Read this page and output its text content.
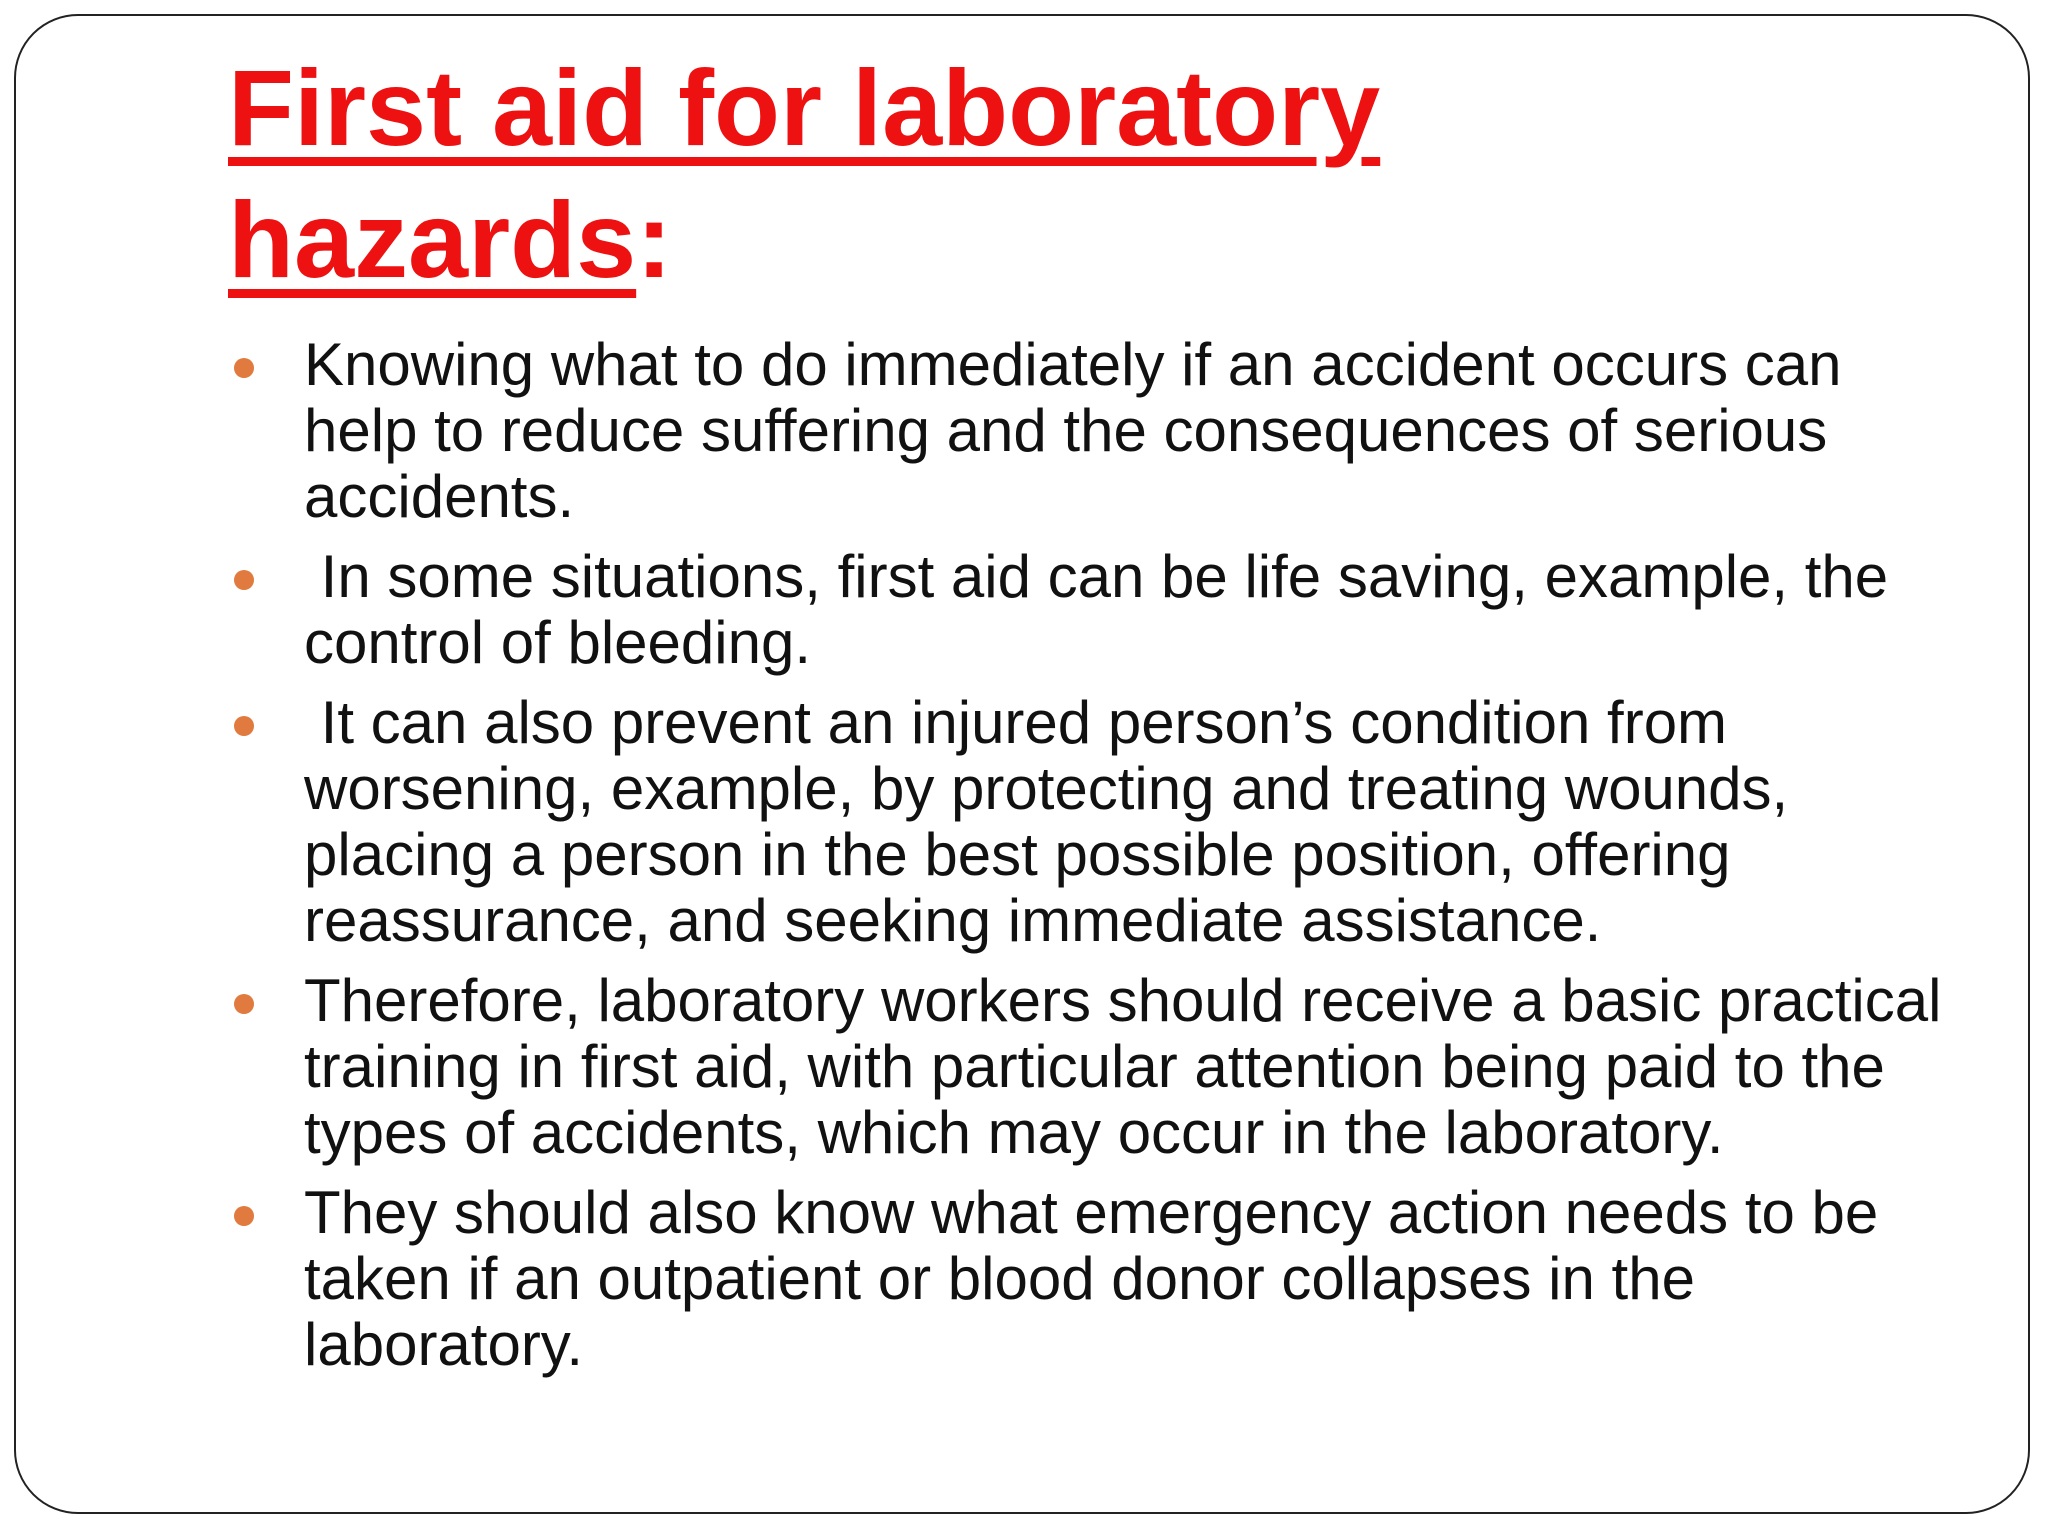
First aid for laboratory hazards:
Knowing what to do immediately if an accident occurs can help to reduce suffering and the consequences of serious accidents.
In some situations, first aid can be life saving, example, the control of bleeding.
It can also prevent an injured person’s condition from worsening, example, by protecting and treating wounds, placing a person in the best possible position, offering reassurance, and seeking immediate assistance.
Therefore, laboratory workers should receive a basic practical training in first aid, with particular attention being paid to the types of accidents, which may occur in the laboratory.
They should also know what emergency action needs to be taken if an outpatient or blood donor collapses in the laboratory.
